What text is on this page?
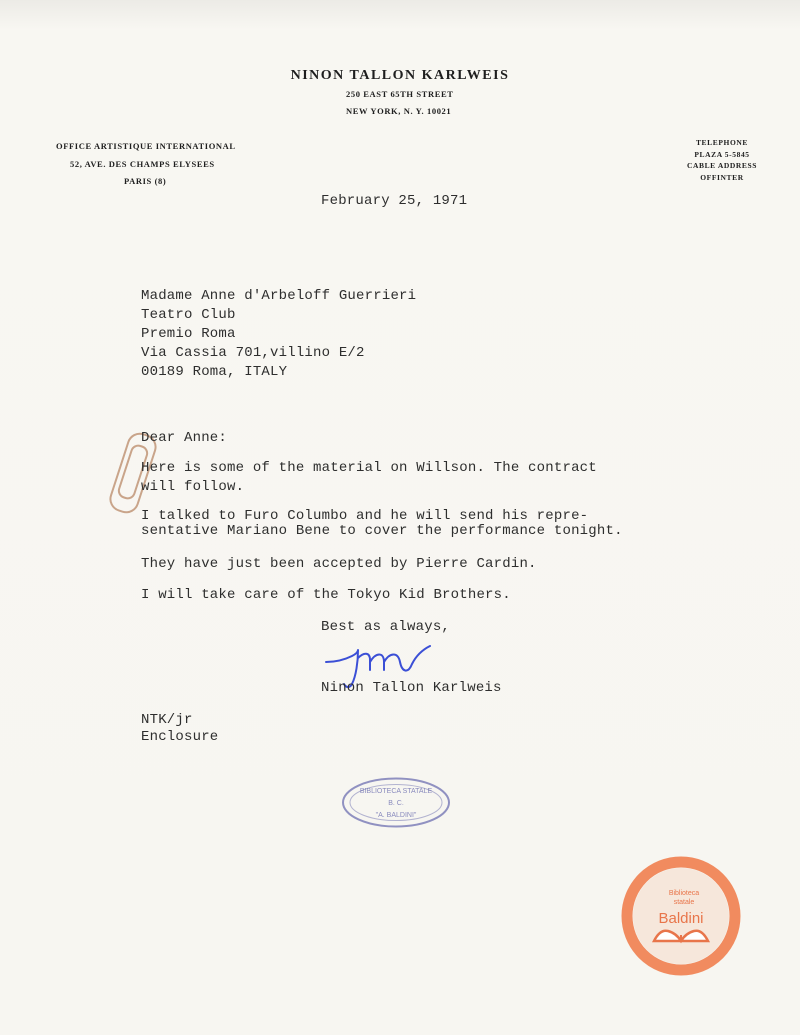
NINON TALLON KARLWEIS
250 EAST 65TH STREET
NEW YORK, N. Y. 10021
OFFICE ARTISTIQUE INTERNATIONAL
52, AVE. DES CHAMPS ELYSEES
PARIS (8)
TELEPHONE
PLAZA 5-5845
CABLE ADDRESS
OFFINTER
February 25, 1971
Madame Anne d'Arbeloff Guerrieri
Teatro Club
Premio Roma
Via Cassia 701,villino E/2
00189 Roma, ITALY
Dear Anne:
Here is some of the material on Willson. The contract
will follow.
I talked to Furo Columbo and he will send his repre-
sentative Mariano Bene to cover the performance tonight.
They have just been accepted by Pierre Cardin.
I will take care of the Tokyo Kid Brothers.
Best as always,
Ninon Tallon Karlweis
NTK/jr
Enclosure
BIBLIOTECA STATALE
B. C.
"A. BALDINI"
Biblioteca
statale
Baldini
